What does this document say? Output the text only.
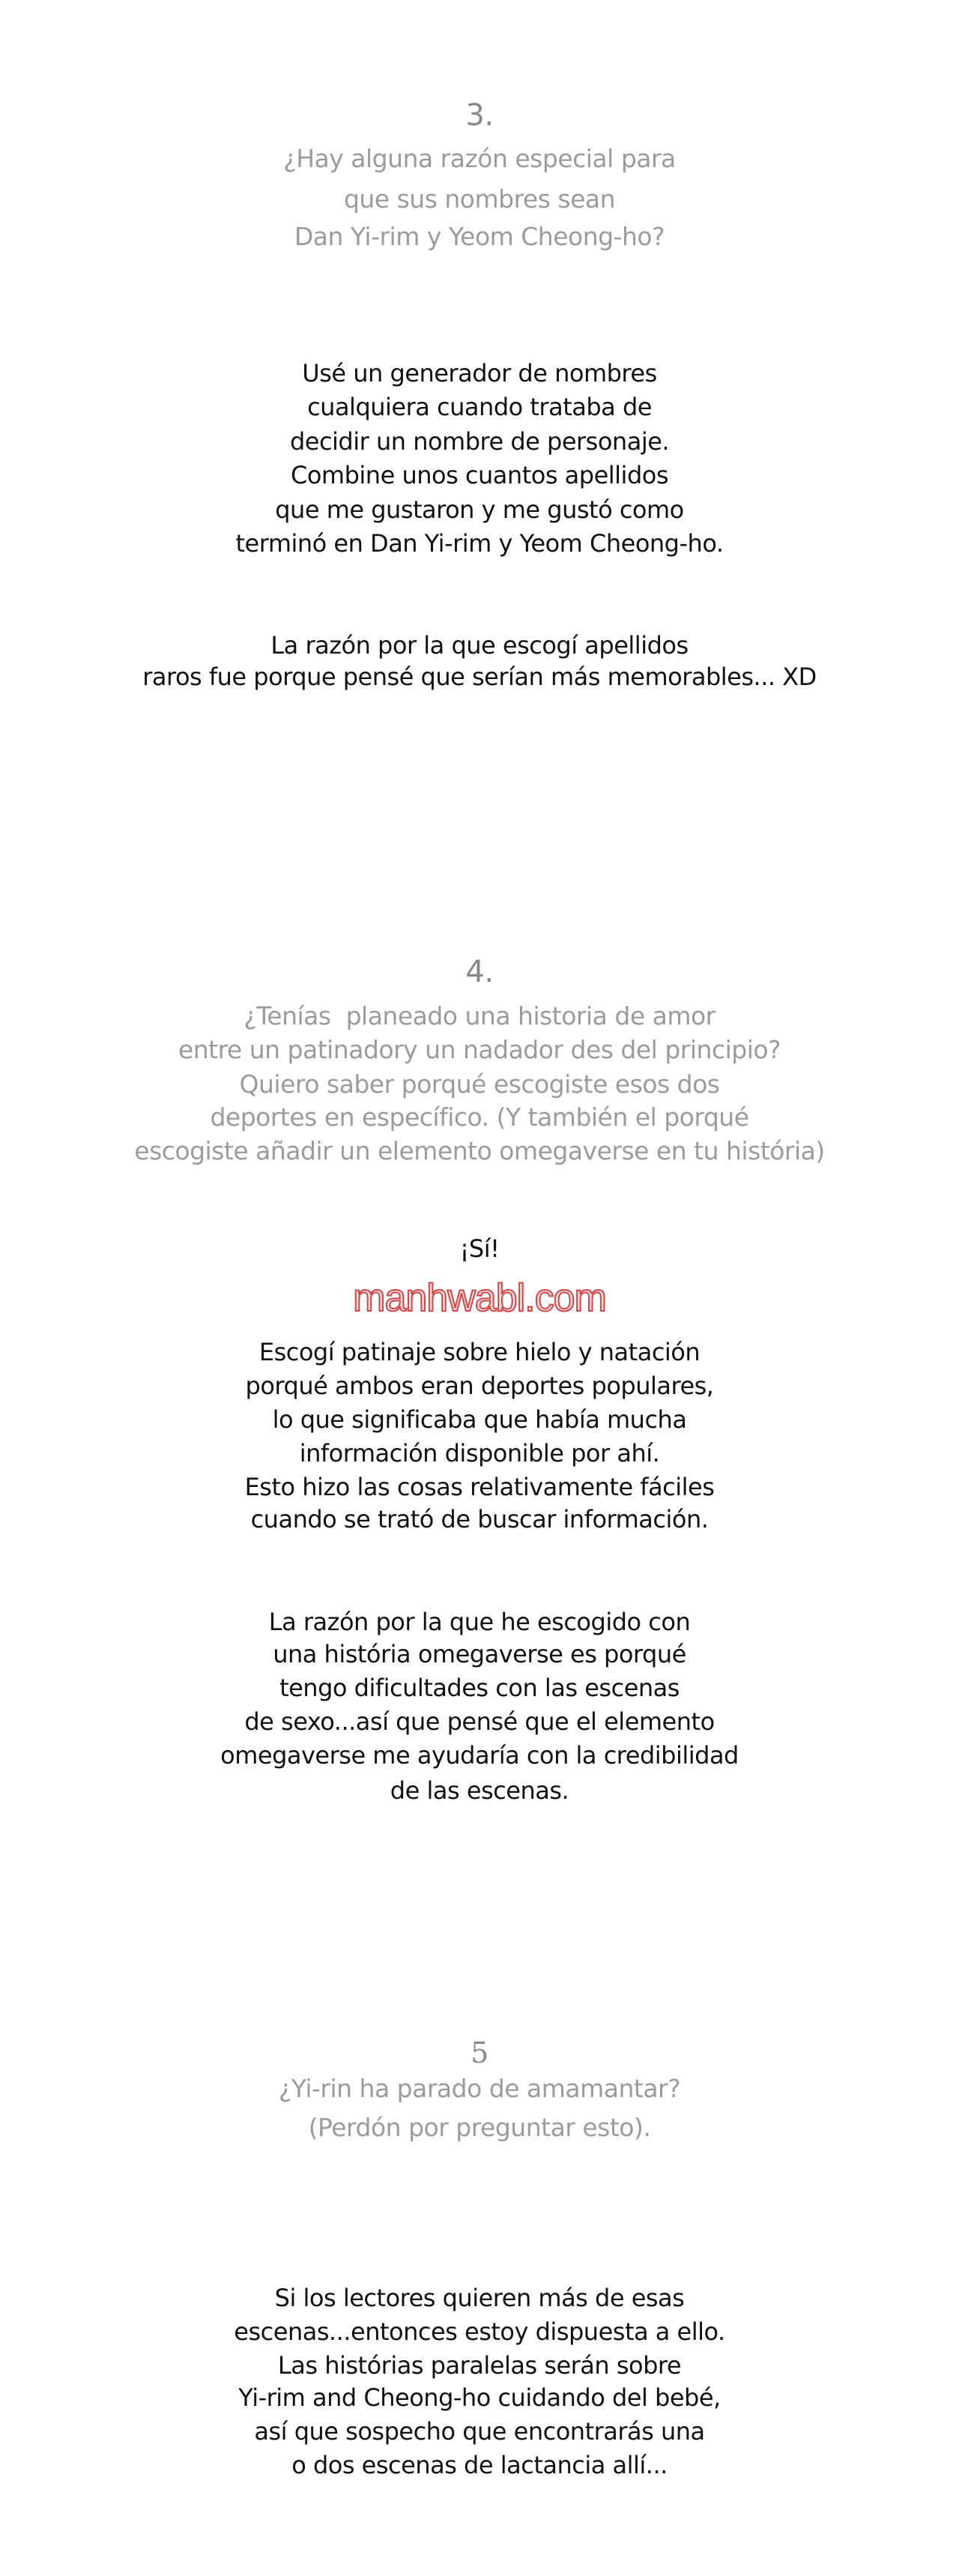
3.
¿Hay alguna razón especial para
que sus nombres sean
Dan Yi-rim y Yeom Cheong-ho?
Usé un generador de nombres
cualquiera cuando trataba de
decidir un nombre de personaje.
Combine unos cuantos apellidos
que me gustaron y me gustó como
terminó en Dan Yi-rim y Yeom Cheong-ho.
La razón por la que escogí apellidos
raros fue porque pensé que serían más memorables... XD
4.
¿Tenías  planeado una historia de amor
entre un patinadory un nadador des del principio?
Quiero saber porqué escogiste esos dos
deportes en específico. (Y también el porqué
escogiste añadir un elemento omegaverse en tu história)
¡Sí!
manhwabl.com
Escogí patinaje sobre hielo y natación
porqué ambos eran deportes populares,
lo que significaba que había mucha
información disponible por ahí.
Esto hizo las cosas relativamente fáciles
cuando se trató de buscar información.
La razón por la que he escogido con
una história omegaverse es porqué
tengo dificultades con las escenas
de sexo...así que pensé que el elemento
omegaverse me ayudaría con la credibilidad
de las escenas.
5
¿Yi-rin ha parado de amamantar?
(Perdón por preguntar esto).
Si los lectores quieren más de esas
escenas...entonces estoy dispuesta a ello.
Las histórias paralelas serán sobre
Yi-rim and Cheong-ho cuidando del bebé,
así que sospecho que encontrarás una
o dos escenas de lactancia allí...
